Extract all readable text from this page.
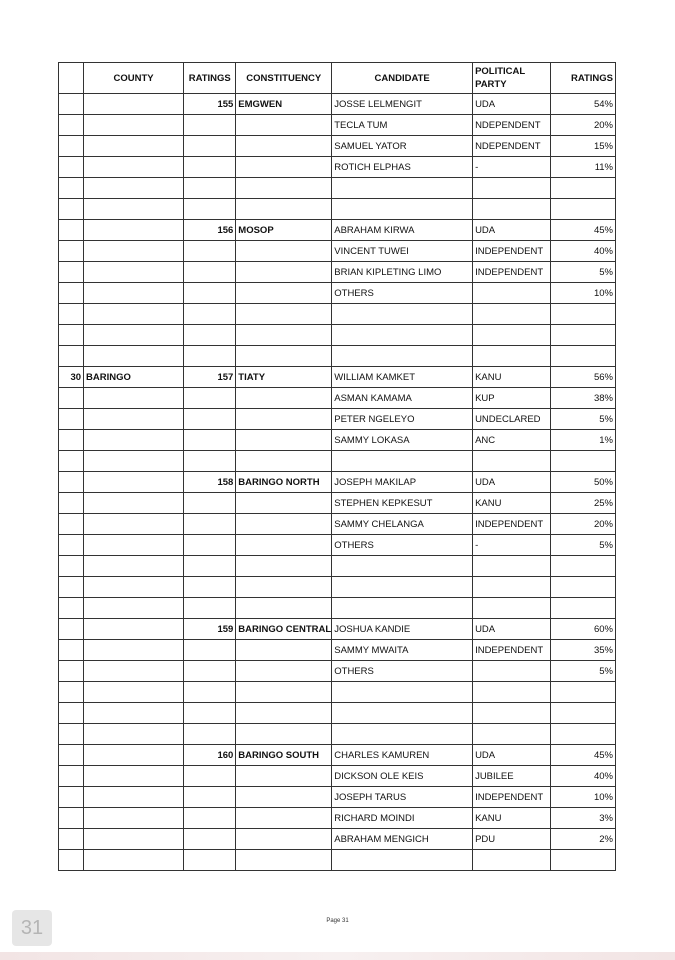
	COUNTY	RATINGS	CONSTITUENCY	CANDIDATE	POLITICAL PARTY	RATINGS
		155	EMGWEN	JOSSE LELMENGIT	UDA	54%
				TECLA TUM	NDEPENDENT	20%
				SAMUEL YATOR	NDEPENDENT	15%
				ROTICH ELPHAS	-	11%

		156	MOSOP	ABRAHAM KIRWA	UDA	45%
				VINCENT TUWEI	INDEPENDENT	40%
				BRIAN KIPLETING LIMO	INDEPENDENT	5%
				OTHERS		10%

30	BARINGO	157	TIATY	WILLIAM KAMKET	KANU	56%
				ASMAN KAMAMA	KUP	38%
				PETER NGELEYO	UNDECLARED	5%
				SAMMY LOKASA	ANC	1%

		158	BARINGO NORTH	JOSEPH MAKILAP	UDA	50%
				STEPHEN KEPKESUT	KANU	25%
				SAMMY CHELANGA	INDEPENDENT	20%
				OTHERS	-	5%

		159	BARINGO CENTRAL	JOSHUA KANDIE	UDA	60%
				SAMMY MWAITA	INDEPENDENT	35%
				OTHERS		5%

		160	BARINGO SOUTH	CHARLES KAMUREN	UDA	45%
				DICKSON OLE KEIS	JUBILEE	40%
				JOSEPH TARUS	INDEPENDENT	10%
				RICHARD MOINDI	KANU	3%
				ABRAHAM MENGICH	PDU	2%

31	Page 31
